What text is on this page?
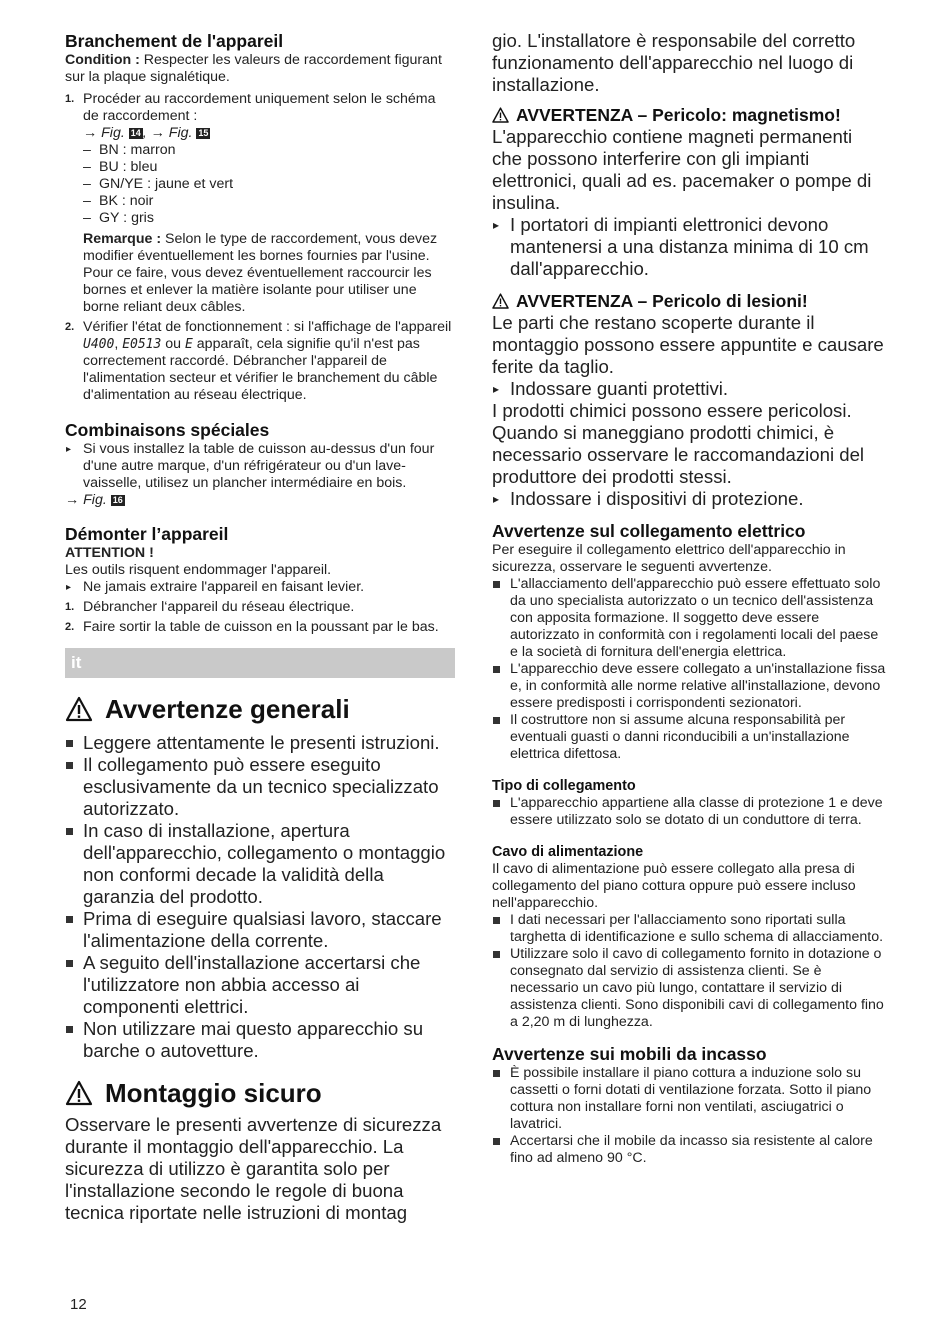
Branchement de l'appareil

Condition : Respecter les valeurs de raccordement figurant sur la plaque signalétique.

1. Procéder au raccordement uniquement selon le schéma de raccordement :
→ Fig. 14 , → Fig. 15
– BN : marron
– BU : bleu
– GN/YE : jaune et vert
– BK : noir
– GY : gris

Remarque : Selon le type de raccordement, vous devez modifier éventuellement les bornes fournies par l'usine. Pour ce faire, vous devez éventuellement raccourcir les bornes et enlever la matière isolante pour utiliser une borne reliant deux câbles.

2. Vérifier l'état de fonctionnement : si l'affichage de l'appareil U400, E0513 ou E apparaît, cela signifie qu'il n'est pas correctement raccordé. Débrancher l'appareil de l'alimentation secteur et vérifier le branchement du câble d'alimentation au réseau électrique.
Combinaisons spéciales
▸ Si vous installez la table de cuisson au-dessus d'un four d'une autre marque, d'un réfrigérateur ou d'un lave-vaisselle, utilisez un plancher intermédiaire en bois.

→ Fig. 16

Démonter l’appareil

ATTENTION !

Les outils risquent endommager l'appareil.

▸ Ne jamais extraire l'appareil en faisant levier.
1. Débrancher l‘appareil du réseau électrique.
2. Faire sortir la table de cuisson en la poussant par le bas.
it
Avvertenze generali
Leggere attentamente le presenti istruzioni.
Il collegamento può essere eseguito esclusivamente da un tecnico specializzato autorizzato.
In caso di installazione, apertura dell'apparecchio, collegamento o montaggio non conformi decade la validità della garanzia del prodotto.
Prima di eseguire qualsiasi lavoro, staccare l'alimentazione della corrente.
A seguito dell'installazione accertarsi che l'utilizzatore non abbia accesso ai componenti elettrici.
Non utilizzare mai questo apparecchio su barche o autovetture.
Montaggio sicuro

Osservare le presenti avvertenze di sicurezza durante il montaggio dell'apparecchio. La sicurezza di utilizzo è garantita solo per l'installazione secondo le regole di buona tecnica riportate nelle istruzioni di montag

gio. L'installatore è responsabile del corretto funzionamento dell'apparecchio nel luogo di installazione.

AVVERTENZA – Pericolo: magnetismo!

L'apparecchio contiene magneti permanenti che possono interferire con gli impianti elettronici, quali ad es. pacemaker o pompe di insulina.

▸ I portatori di impianti elettronici devono mantenersi a una distanza minima di 10 cm dall'apparecchio.
AVVERTENZA – Pericolo di lesioni!

Le parti che restano scoperte durante il montaggio possono essere appuntite e causare ferite da taglio.

▸ Indossare guanti protettivi.

I prodotti chimici possono essere pericolosi. Quando si maneggiano prodotti chimici, è necessario osservare le raccomandazioni del produttore dei prodotti stessi.

▸ Indossare i dispositivi di protezione.
Avvertenze sul collegamento elettrico

Per eseguire il collegamento elettrico dell'apparecchio in sicurezza, osservare le seguenti avvertenze.

L'allacciamento dell'apparecchio può essere effettuato solo da uno specialista autorizzato o un tecnico dell'assistenza con apposita formazione. Il soggetto deve essere autorizzato in conformità con i regolamenti locali del paese e la società di fornitura dell'energia elettrica.
L'apparecchio deve essere collegato a un'installazione fissa e, in conformità alle norme relative all'installazione, devono essere predisposti i corrispondenti sezionatori.
Il costruttore non si assume alcuna responsabilità per eventuali guasti o danni riconducibili a un'installazione elettrica difettosa.
Tipo di collegamento
L'apparecchio appartiene alla classe di protezione 1 e deve essere utilizzato solo se dotato di un conduttore di terra.
Cavo di alimentazione

Il cavo di alimentazione può essere collegato alla presa di collegamento del piano cottura oppure può essere incluso nell'apparecchio.

I dati necessari per l'allacciamento sono riportati sulla targhetta di identificazione e sullo schema di allacciamento.
Utilizzare solo il cavo di collegamento fornito in dotazione o consegnato dal servizio di assistenza clienti. Se è necessario un cavo più lungo, contattare il servizio di assistenza clienti. Sono disponibili cavi di collegamento fino a 2,20 m di lunghezza.
Avvertenze sui mobili da incasso
È possibile installare il piano cottura a induzione solo su cassetti o forni dotati di ventilazione forzata. Sotto il piano cottura non installare forni non ventilati, asciugatrici o lavatrici.
Accertarsi che il mobile da incasso sia resistente al calore fino ad almeno 90 °C.
12
